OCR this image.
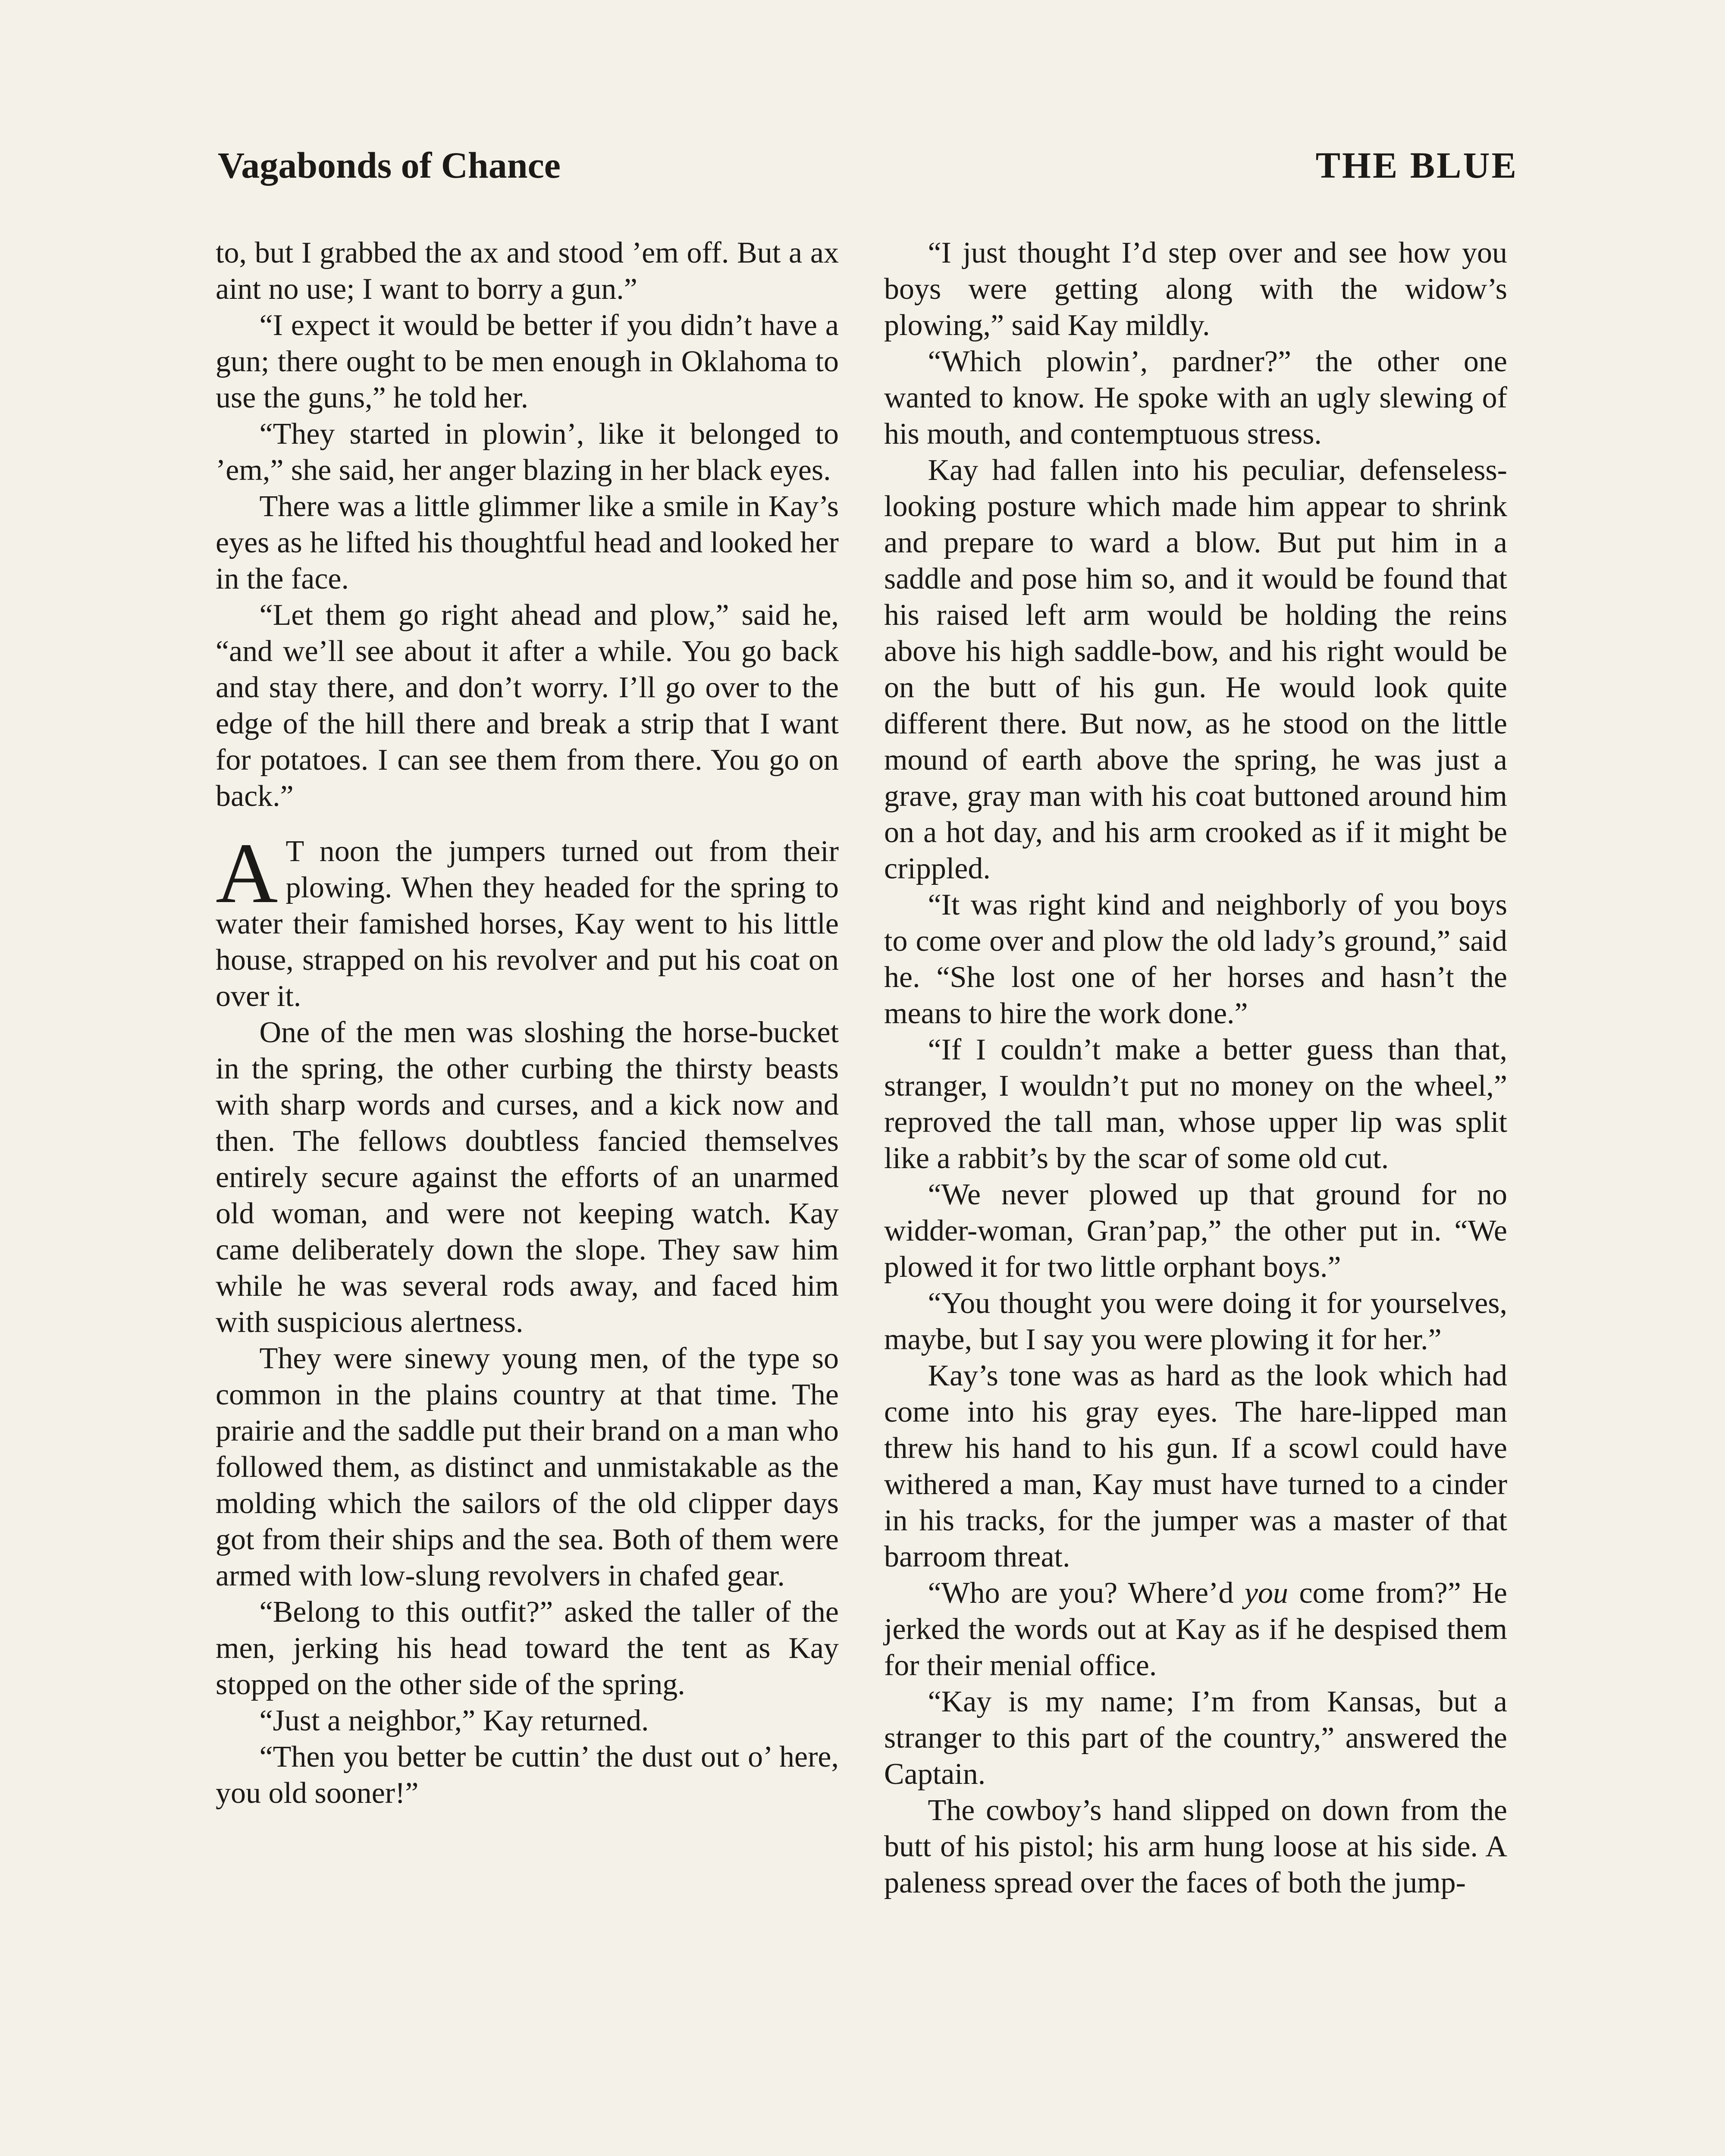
Vagabonds of Chance	THE BLUE

to, but I grabbed the ax and stood ’em off. But a ax aint no use; I want to borry a gun.”

“I expect it would be better if you didn’t have a gun; there ought to be men enough in Oklahoma to use the guns,” he told her.

“They started in plowin’, like it belonged to ’em,” she said, her anger blazing in her black eyes.

There was a little glimmer like a smile in Kay’s eyes as he lifted his thoughtful head and looked her in the face.

“Let them go right ahead and plow,” said he, “and we’ll see about it after a while. You go back and stay there, and don’t worry. I’ll go over to the edge of the hill there and break a strip that I want for potatoes. I can see them from there. You go on back.”

A T noon the jumpers turned out from their plowing. When they headed for the spring to water their famished horses, Kay went to his little house, strapped on his revolver and put his coat on over it.

One of the men was sloshing the horse-bucket in the spring, the other curbing the thirsty beasts with sharp words and curses, and a kick now and then. The fellows doubtless fancied themselves entirely secure against the efforts of an unarmed old woman, and were not keeping watch. Kay came deliberately down the slope. They saw him while he was several rods away, and faced him with suspicious alertness.

They were sinewy young men, of the type so common in the plains country at that time. The prairie and the saddle put their brand on a man who followed them, as distinct and unmistakable as the molding which the sailors of the old clipper days got from their ships and the sea. Both of them were armed with low-slung revolvers in chafed gear.

“Belong to this outfit?” asked the taller of the men, jerking his head toward the tent as Kay stopped on the other side of the spring.

“Just a neighbor,” Kay returned.

“Then you better be cuttin’ the dust out o’ here, you old sooner!”

“I just thought I’d step over and see how you boys were getting along with the widow’s plowing,” said Kay mildly.

“Which plowin’, pardner?” the other one wanted to know. He spoke with an ugly slewing of his mouth, and contemptuous stress.

Kay had fallen into his peculiar, defenseless-looking posture which made him appear to shrink and prepare to ward a blow. But put him in a saddle and pose him so, and it would be found that his raised left arm would be holding the reins above his high saddle-bow, and his right would be on the butt of his gun. He would look quite different there. But now, as he stood on the little mound of earth above the spring, he was just a grave, gray man with his coat buttoned around him on a hot day, and his arm crooked as if it might be crippled.

“It was right kind and neighborly of you boys to come over and plow the old lady’s ground,” said he. “She lost one of her horses and hasn’t the means to hire the work done.”

“If I couldn’t make a better guess than that, stranger, I wouldn’t put no money on the wheel,” reproved the tall man, whose upper lip was split like a rabbit’s by the scar of some old cut.

“We never plowed up that ground for no widder-woman, Gran’pap,” the other put in. “We plowed it for two little orphant boys.”

“You thought you were doing it for yourselves, maybe, but I say you were plowing it for her.”

Kay’s tone was as hard as the look which had come into his gray eyes. The hare-lipped man threw his hand to his gun. If a scowl could have withered a man, Kay must have turned to a cinder in his tracks, for the jumper was a master of that barroom threat.

“Who are you? Where’d you come from?” He jerked the words out at Kay as if he despised them for their menial office.

“Kay is my name; I’m from Kansas, but a stranger to this part of the country,” answered the Captain.

The cowboy’s hand slipped on down from the butt of his pistol; his arm hung loose at his side. A paleness spread over the faces of both the jump-
